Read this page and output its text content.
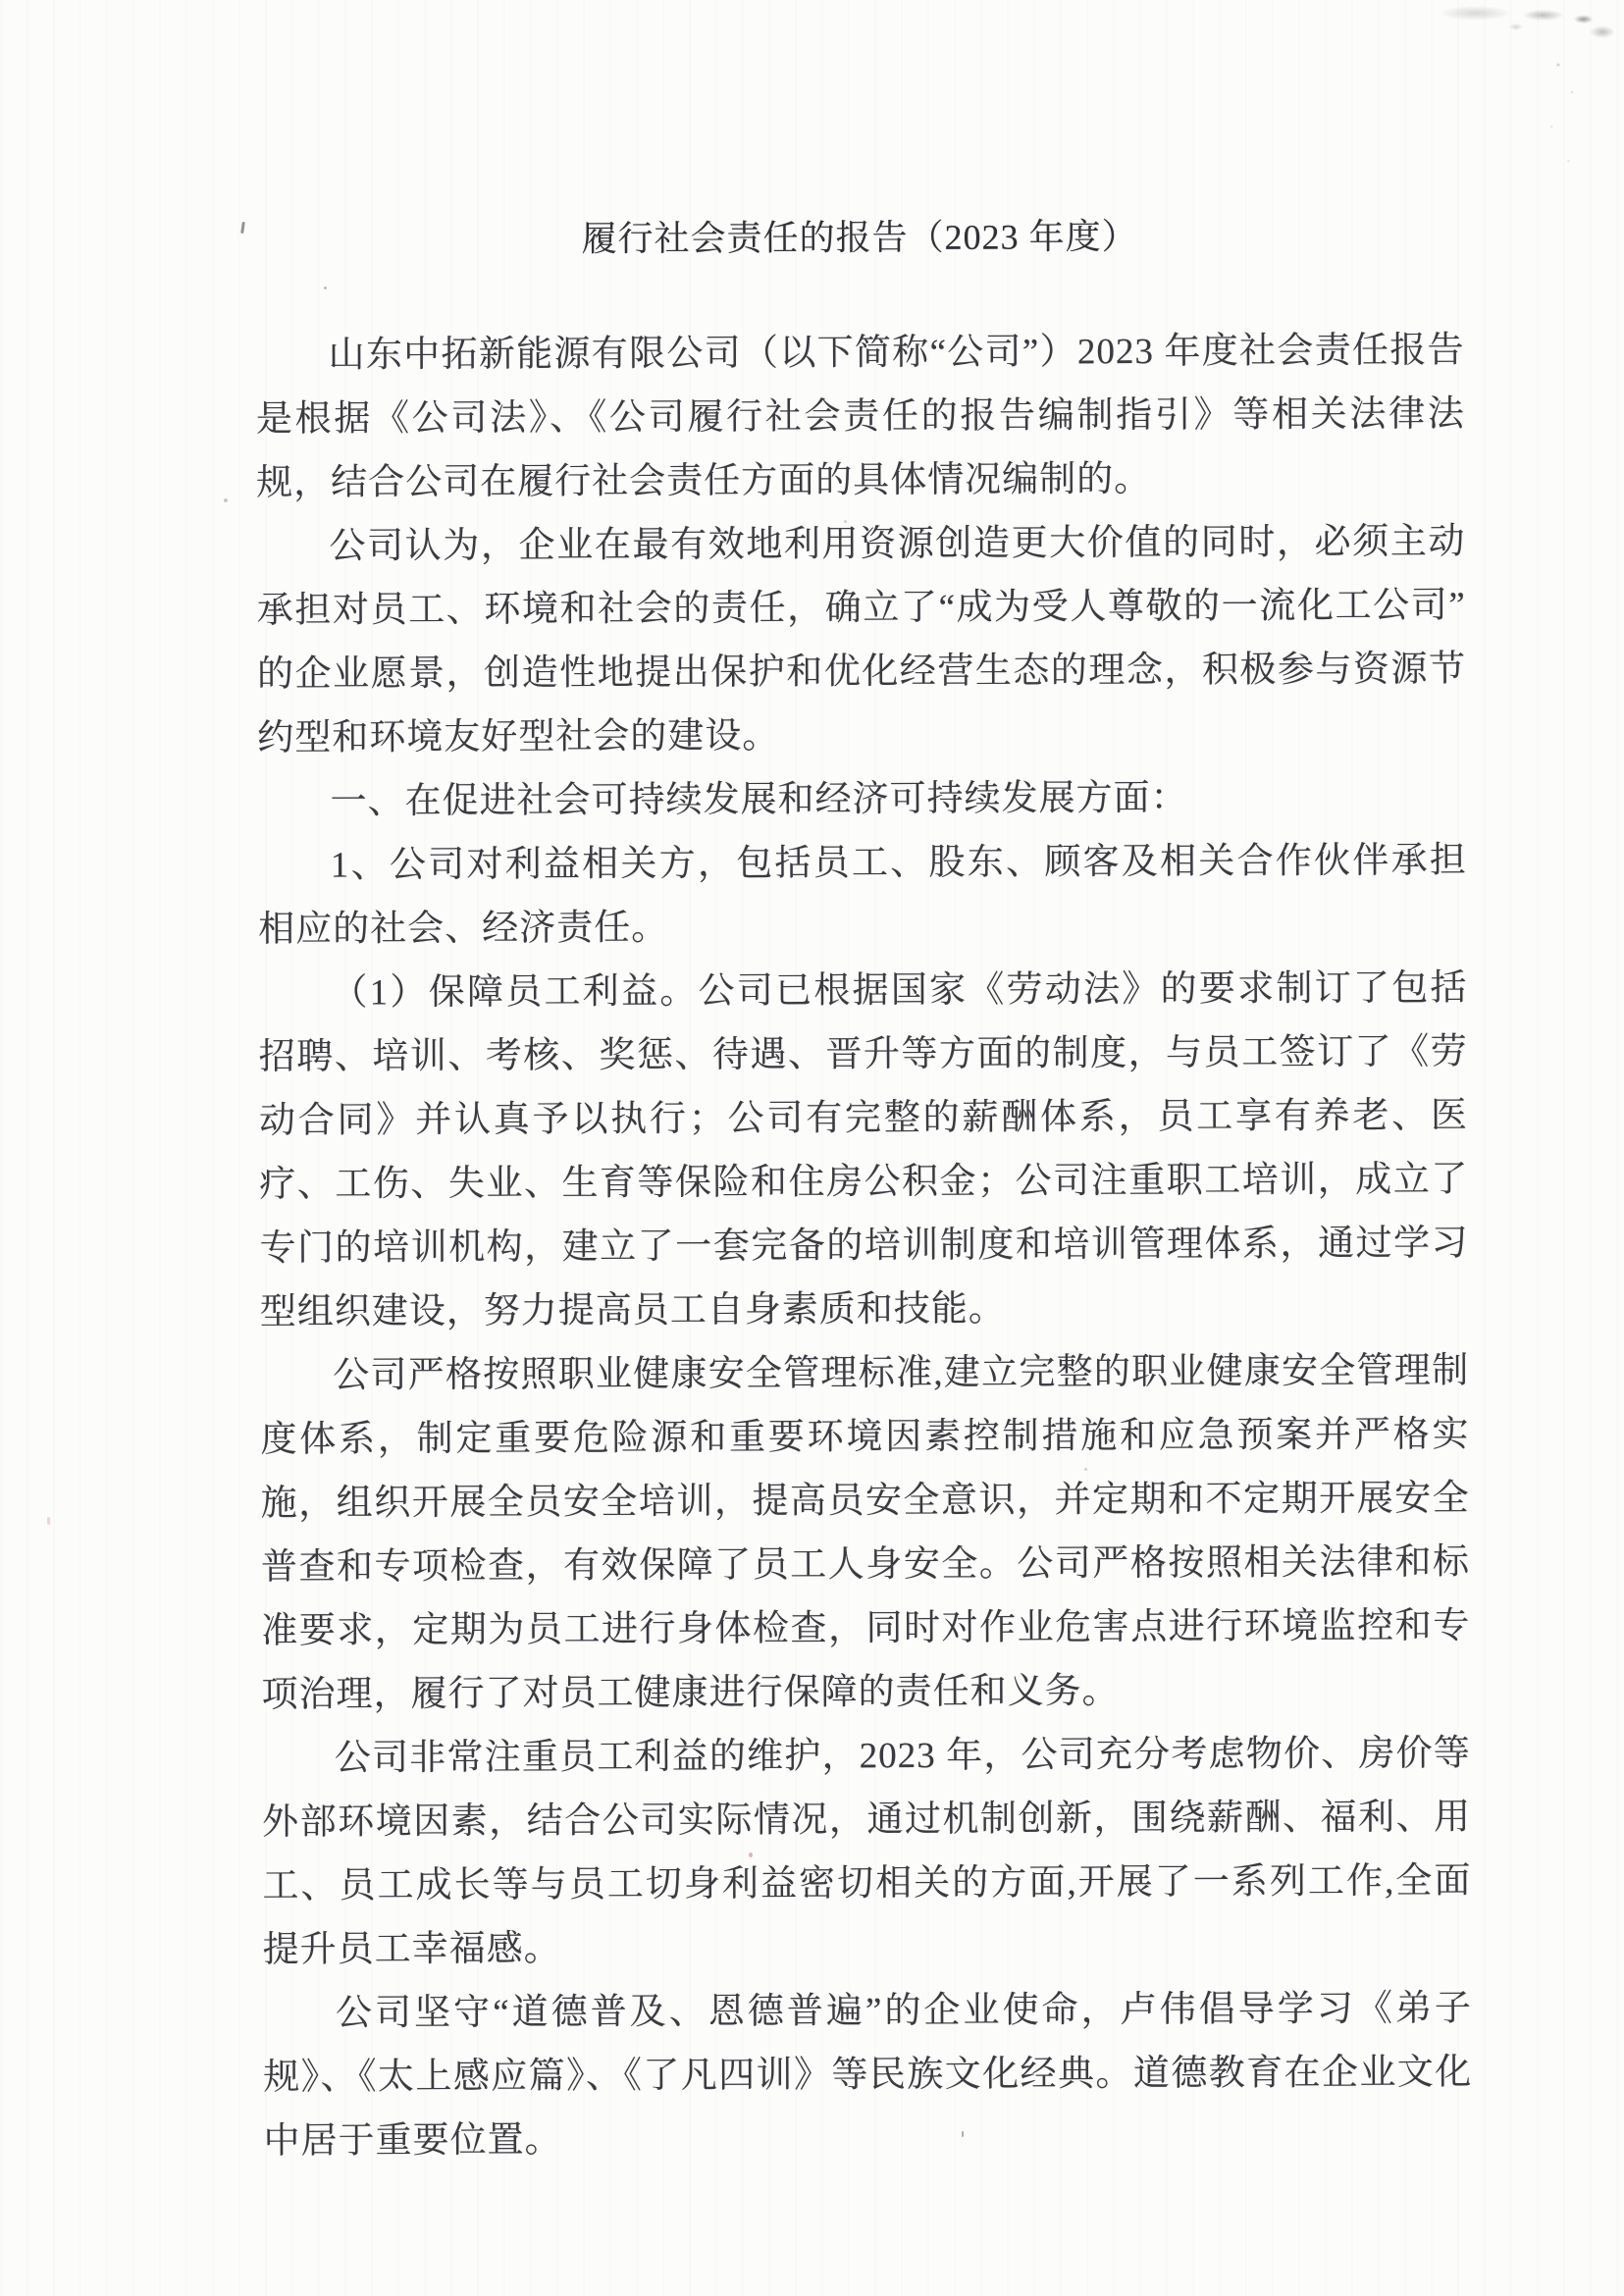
履行社会责任的报告（2023 年度）

山东中拓新能源有限公司（以下简称“公司”）2023 年度社会责任报告是根据《公司法》、《公司履行社会责任的报告编制指引》等相关法律法规，结合公司在履行社会责任方面的具体情况编制的。

公司认为，企业在最有效地利用资源创造更大价值的同时，必须主动承担对员工、环境和社会的责任，确立了“成为受人尊敬的一流化工公司”的企业愿景，创造性地提出保护和优化经营生态的理念，积极参与资源节约型和环境友好型社会的建设。

一、在促进社会可持续发展和经济可持续发展方面：

1、公司对利益相关方，包括员工、股东、顾客及相关合作伙伴承担相应的社会、经济责任。

（1）保障员工利益。公司已根据国家《劳动法》的要求制订了包括招聘、培训、考核、奖惩、待遇、晋升等方面的制度，与员工签订了《劳动合同》并认真予以执行；公司有完整的薪酬体系，员工享有养老、医疗、工伤、失业、生育等保险和住房公积金；公司注重职工培训，成立了专门的培训机构，建立了一套完备的培训制度和培训管理体系，通过学习型组织建设，努力提高员工自身素质和技能。

公司严格按照职业健康安全管理标准,建立完整的职业健康安全管理制度体系，制定重要危险源和重要环境因素控制措施和应急预案并严格实施，组织开展全员安全培训，提高员安全意识，并定期和不定期开展安全普查和专项检查，有效保障了员工人身安全。公司严格按照相关法律和标准要求，定期为员工进行身体检查，同时对作业危害点进行环境监控和专项治理，履行了对员工健康进行保障的责任和义务。

公司非常注重员工利益的维护，2023 年，公司充分考虑物价、房价等外部环境因素，结合公司实际情况，通过机制创新，围绕薪酬、福利、用工、员工成长等与员工切身利益密切相关的方面,开展了一系列工作,全面提升员工幸福感。

公司坚守“道德普及、恩德普遍”的企业使命，卢伟倡导学习《弟子规》、《太上感应篇》、《了凡四训》等民族文化经典。道德教育在企业文化中居于重要位置。
